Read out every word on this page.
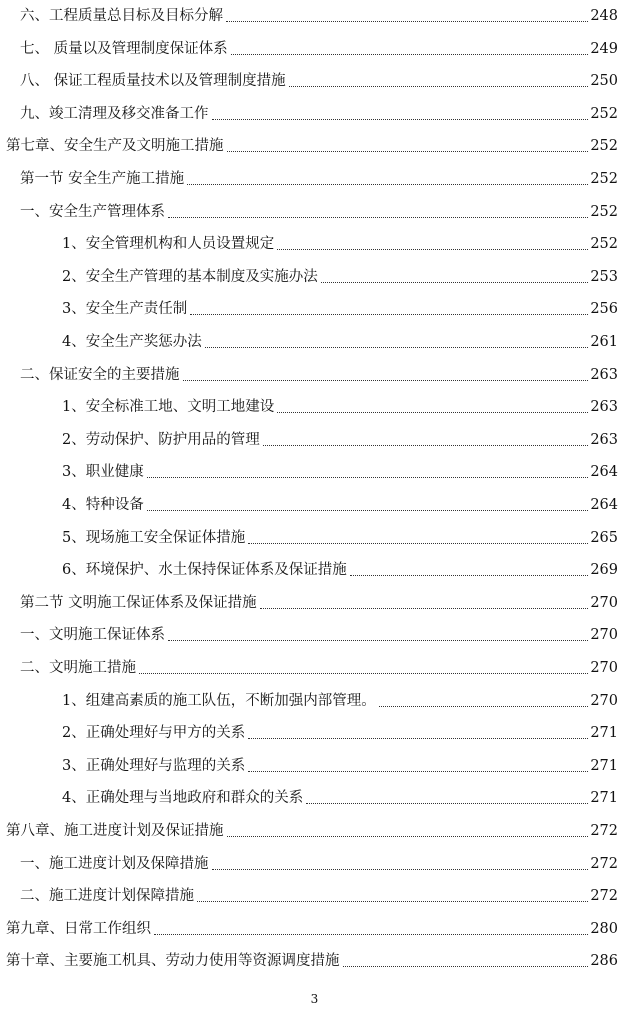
六、工程质量总目标及目标分解	248
七、 质量以及管理制度保证体系	249
八、 保证工程质量技术以及管理制度措施	250
九、竣工清理及移交准备工作	252
第七章、安全生产及文明施工措施	252
第一节 安全生产施工措施	252
一、安全生产管理体系	252
1、安全管理机构和人员设置规定	252
2、安全生产管理的基本制度及实施办法	253
3、安全生产责任制	256
4、安全生产奖惩办法	261
二、保证安全的主要措施	263
1、安全标准工地、文明工地建设	263
2、劳动保护、防护用品的管理	263
3、职业健康	264
4、特种设备	264
5、现场施工安全保证体措施	265
6、环境保护、水土保持保证体系及保证措施	269
第二节 文明施工保证体系及保证措施	270
一、文明施工保证体系	270
二、文明施工措施	270
1、组建高素质的施工队伍，不断加强内部管理。	270
2、正确处理好与甲方的关系	271
3、正确处理好与监理的关系	271
4、正确处理与当地政府和群众的关系	271
第八章、施工进度计划及保证措施	272
一、施工进度计划及保障措施	272
二、施工进度计划保障措施	272
第九章、日常工作组织	280
第十章、主要施工机具、劳动力使用等资源调度措施	286
3
